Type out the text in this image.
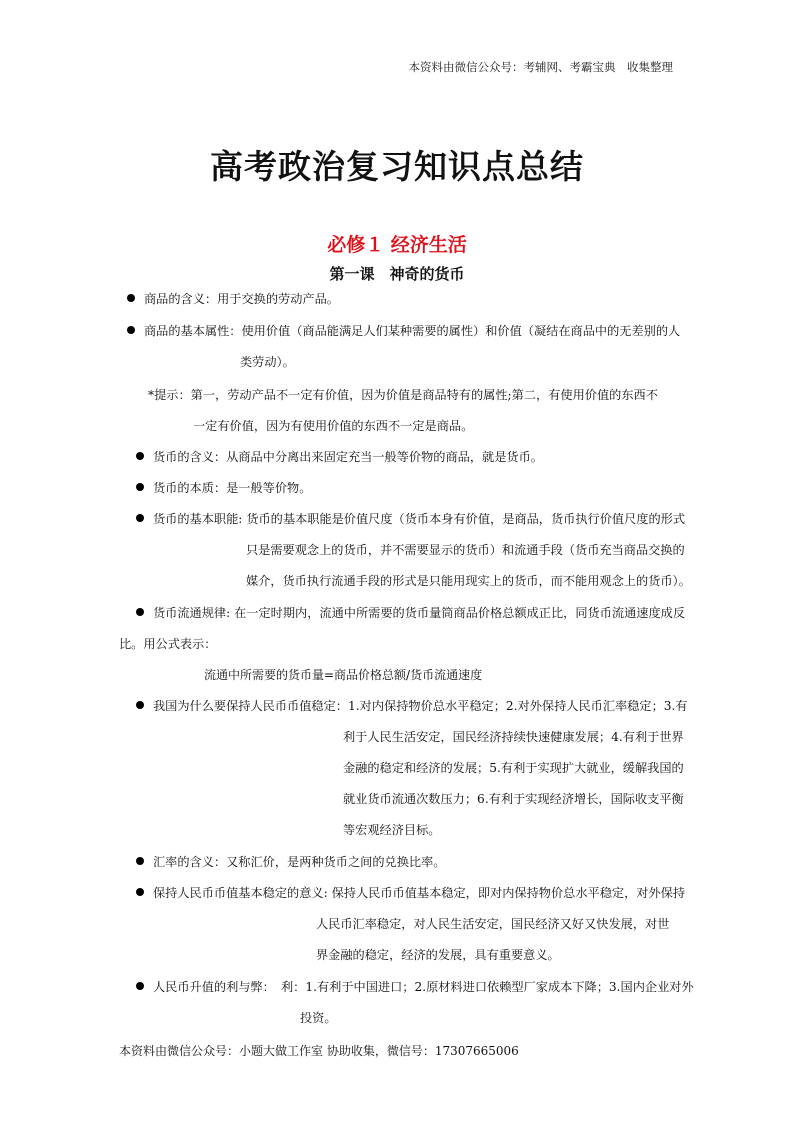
本资料由微信公众号：考辅网、考霸宝典　收集整理
高考政治复习知识点总结
必修１ 经济生活
第一课　神奇的货币
商品的含义：用于交换的劳动产品。
商品的基本属性：使用价值（商品能满足人们某种需要的属性）和价值（凝结在商品中的无差别的人
类劳动）。
*提示：第一，劳动产品不一定有价值，因为价值是商品特有的属性;第二，有使用价值的东西不
一定有价值，因为有使用价值的东西不一定是商品。
货币的含义：从商品中分离出来固定充当一般等价物的商品，就是货币。
货币的本质：是一般等价物。
货币的基本职能: 货币的基本职能是价值尺度（货币本身有价值，是商品，货币执行价值尺度的形式
只是需要观念上的货币，并不需要显示的货币）和流通手段（货币充当商品交换的
媒介，货币执行流通手段的形式是只能用现实上的货币，而不能用观念上的货币）。
货币流通规律: 在一定时期内，流通中所需要的货币量筒商品价格总额成正比，同货币流通速度成反
比。用公式表示：
流通中所需要的货币量=商品价格总额/货币流通速度
我国为什么要保持人民币币值稳定：1.对内保持物价总水平稳定；2.对外保持人民币汇率稳定；3.有
利于人民生活安定，国民经济持续快速健康发展；4.有利于世界
金融的稳定和经济的发展；5.有利于实现扩大就业，缓解我国的
就业货币流通次数压力；6.有利于实现经济增长，国际收支平衡
等宏观经济目标。
汇率的含义：又称汇价，是两种货币之间的兑换比率。
保持人民币币值基本稳定的意义: 保持人民币币值基本稳定，即对内保持物价总水平稳定，对外保持
人民币汇率稳定，对人民生活安定，国民经济又好又快发展，对世
界金融的稳定，经济的发展，具有重要意义。
人民币升值的利与弊：　 利：1.有利于中国进口；2.原材料进口依赖型厂家成本下降；3.国内企业对外
投资。
本资料由微信公众号：小题大做工作室 协助收集，微信号：17307665006
